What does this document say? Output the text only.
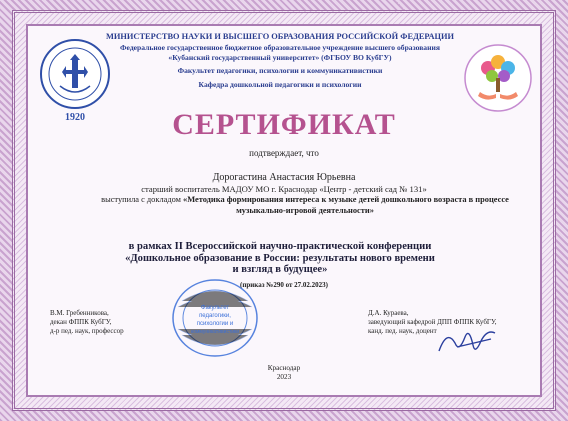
1920
МИНИСТЕРСТВО НАУКИ И ВЫСШЕГО ОБРАЗОВАНИЯ РОССИЙСКОЙ ФЕДЕРАЦИИ
Федеральное государственное бюджетное образовательное учреждение высшего образования
«Кубанский государственный университет» (ФГБОУ ВО КубГУ)
Факультет педагогики, психологии и коммуникативистики
Кафедра дошкольной педагогики и психологии
СЕРТИФИКАТ
подтверждает, что
Дорогастина Анастасия Юрьевна
старший воспитатель МАДОУ МО г. Краснодар «Центр - детский сад № 131»
выступила с докладом «Методика формирования интереса к музыке детей дошкольного возраста в процессе музыкально-игровой деятельности»
в рамках II Всероссийской научно-практической конференции
«Дошкольное образование в России: результаты нового времени
и взгляд в будущее»
(приказ №290 от 27.02.2023)
Факультет
педагогики,
психологии и
коммуникативистики
В.М. Гребенникова,
декан ФППК КубГУ,
д-р пед. наук, профессор
Д.А. Кураева,
заведующий кафедрой ДПП ФППК КубГУ,
канд. пед. наук, доцент
Краснодар
2023
